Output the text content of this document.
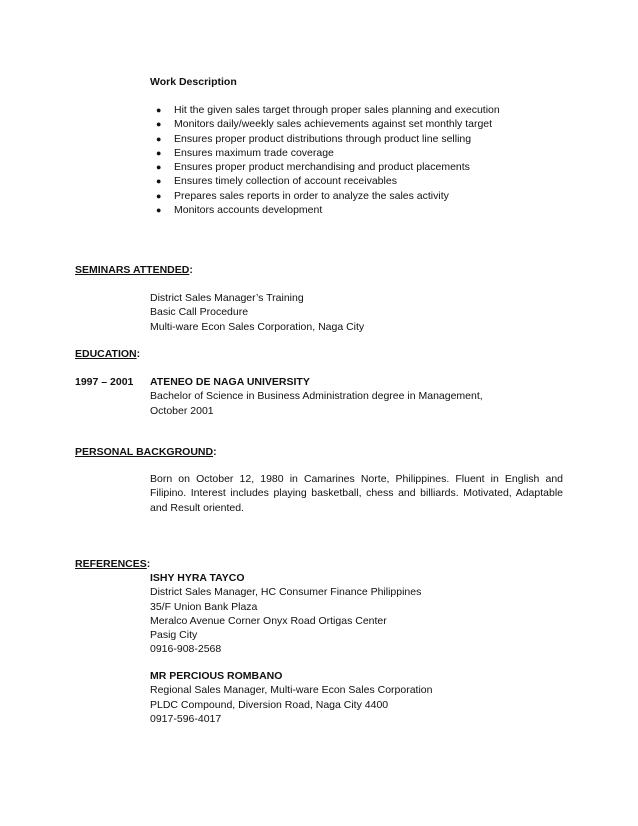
Work Description
● Hit the given sales target through proper sales planning and execution
● Monitors daily/weekly sales achievements against set monthly target
● Ensures proper product distributions through product line selling
● Ensures maximum trade coverage
● Ensures proper product merchandising and product placements
● Ensures timely collection of account receivables
● Prepares sales reports in order to analyze the sales activity
● Monitors accounts development
SEMINARS ATTENDED:
District Sales Manager’s Training
Basic Call Procedure
Multi-ware Econ Sales Corporation, Naga City
EDUCATION:
1997 – 2001 ATENEO DE NAGA UNIVERSITY
Bachelor of Science in Business Administration degree in Management,
October 2001
PERSONAL BACKGROUND:
Born on October 12, 1980 in Camarines Norte, Philippines. Fluent in English and Filipino. Interest includes playing basketball, chess and billiards. Motivated, Adaptable and Result oriented.
REFERENCES:
ISHY HYRA TAYCO
District Sales Manager, HC Consumer Finance Philippines
35/F Union Bank Plaza
Meralco Avenue Corner Onyx Road Ortigas Center
Pasig City
0916-908-2568
MR PERCIOUS ROMBANO
Regional Sales Manager, Multi-ware Econ Sales Corporation
PLDC Compound, Diversion Road, Naga City 4400
0917-596-4017
